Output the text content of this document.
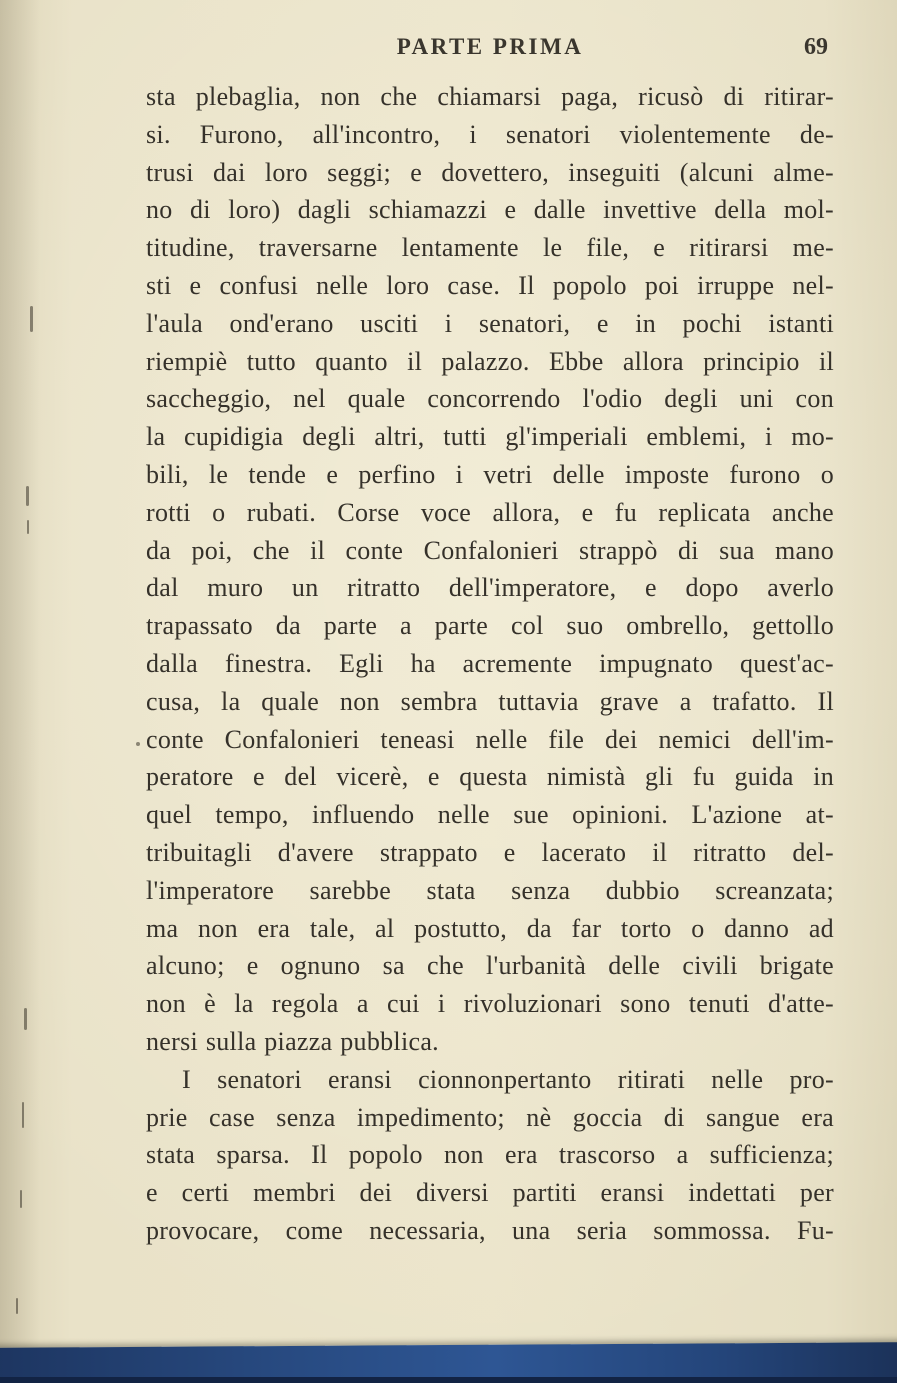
PARTE PRIMA	69
sta plebaglia, non che chiamarsi paga, ricusò di ritirar-
si. Furono, all'incontro, i senatori violentemente de-
trusi dai loro seggi; e dovettero, inseguiti (alcuni alme-
no di loro) dagli schiamazzi e dalle invettive della mol-
titudine, traversarne lentamente le file, e ritirarsi me-
sti e confusi nelle loro case. Il popolo poi irruppe nel-
l'aula ond'erano usciti i senatori, e in pochi istanti
riempiè tutto quanto il palazzo. Ebbe allora principio il
saccheggio, nel quale concorrendo l'odio degli uni con
la cupidigia degli altri, tutti gl'imperiali emblemi, i mo-
bili, le tende e perfino i vetri delle imposte furono o
rotti o rubati. Corse voce allora, e fu replicata anche
da poi, che il conte Confalonieri strappò di sua mano
dal muro un ritratto dell'imperatore, e dopo averlo
trapassato da parte a parte col suo ombrello, gettollo
dalla finestra. Egli ha acremente impugnato quest'ac-
cusa, la quale non sembra tuttavia grave a trafatto. Il
conte Confalonieri teneasi nelle file dei nemici dell'im-
peratore e del vicerè, e questa nimistà gli fu guida in
quel tempo, influendo nelle sue opinioni. L'azione at-
tribuitagli d'avere strappato e lacerato il ritratto del-
l'imperatore sarebbe stata senza dubbio screanzata;
ma non era tale, al postutto, da far torto o danno ad
alcuno; e ognuno sa che l'urbanità delle civili brigate
non è la regola a cui i rivoluzionari sono tenuti d'atte-
nersi sulla piazza pubblica.
I senatori eransi cionnonpertanto ritirati nelle pro-
prie case senza impedimento; nè goccia di sangue era
stata sparsa. Il popolo non era trascorso a sufficienza;
e certi membri dei diversi partiti eransi indettati per
provocare, come necessaria, una seria sommossa. Fu-
